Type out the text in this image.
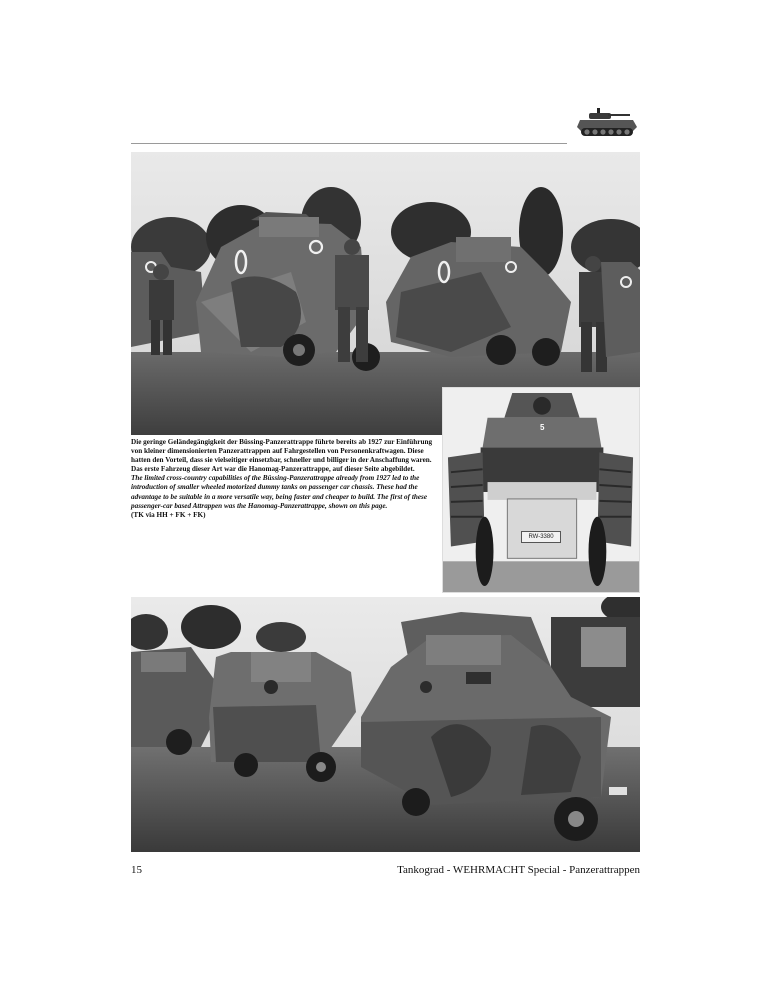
5
RW-3380

Die geringe Geländegängigkeit der Büssing-Panzerattrappe führte bereits ab 1927 zur Einführung von kleiner dimensionierten Panzerattrappen auf Fahrgestellen von Personenkraftwagen. Diese hatten den Vorteil, dass sie vielseitiger einsetzbar, schneller und billiger in der Anschaffung waren. Das erste Fahrzeug dieser Art war die Hanomag-Panzerattrappe, auf dieser Seite abgebildet.

The limited cross-country capabilities of the Büssing-Panzerattrappe already from 1927 led to the introduction of smaller wheeled motorized dummy tanks on passenger car chassis. These had the advantage to be suitable in a more versatile way, being faster and cheaper to build. The first of these passenger-car based Attrappen was the Hanomag-Panzerattrappe, shown on this page.

(TK via HH + FK + FK)

15	Tankograd - WEHRMACHT Special - Panzerattrappen
